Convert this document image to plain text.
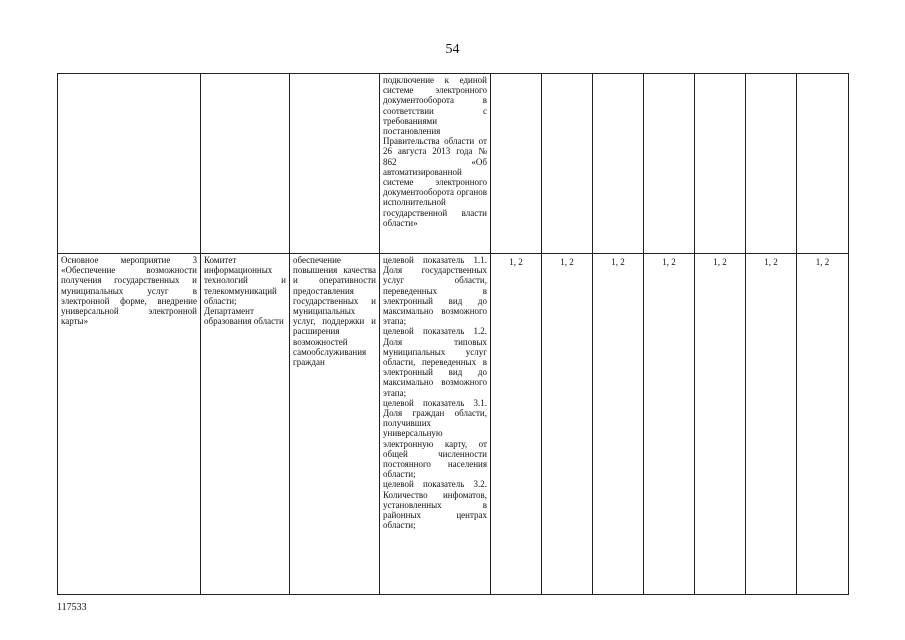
54
			подключение к единой системе электронного документооборота в соответствии с требованиями постановления Правительства области от 26 августа 2013 года № 862 «Об автоматизированной системе электронного документооборота органов исполнительной государственной власти области»							
Основное мероприятие 3 «Обеспечение возможности получения государственных и муниципальных услуг в электронной форме, внедрение универсальной электронной карты»	Комитет информационных технологий и телекоммуникаций области; Департамент образования области	обеспечение повышения качества и оперативности предоставления государственных и муниципальных услуг, поддержки и расширения возможностей самообслуживания граждан	целевой показатель 1.1. Доля государственных услуг области, переведенных в электронный вид до максимально возможного этапа;
целевой показатель 1.2. Доля типовых муниципальных услуг области, переведенных в электронный вид до максимально возможного этапа;
целевой показатель 3.1. Доля граждан области, получивших универсальную электронную карту, от общей численности постоянного населения области;
целевой показатель 3.2. Количество инфоматов, установленных в районных центрах области;	1, 2	1, 2	1, 2	1, 2	1, 2	1, 2	1, 2
117533
